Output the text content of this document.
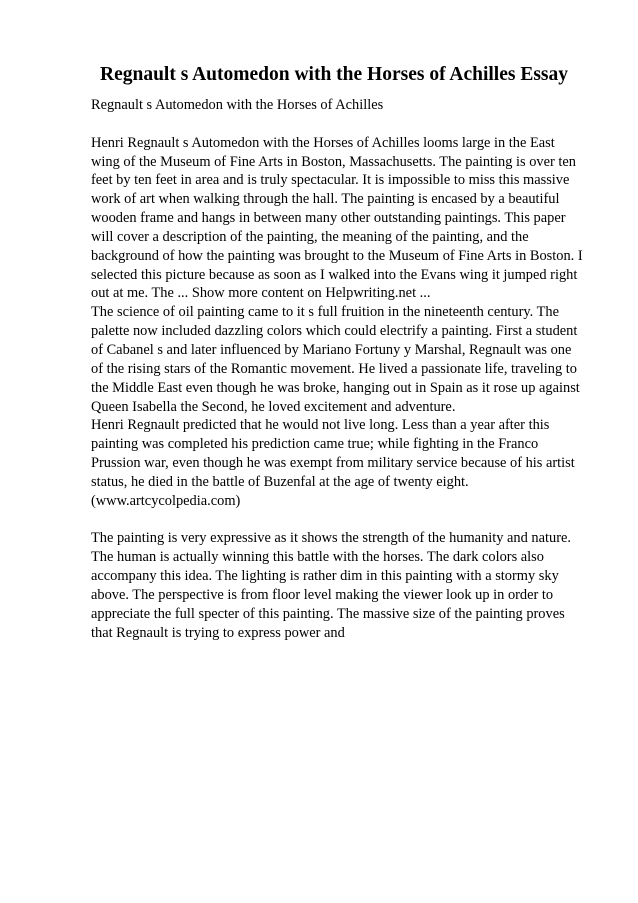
Regnault s Automedon with the Horses of Achilles Essay
Regnault s Automedon with the Horses of Achilles
Henri Regnault s Automedon with the Horses of Achilles looms large in the East
wing of the Museum of Fine Arts in Boston, Massachusetts. The painting is over ten
feet by ten feet in area and is truly spectacular. It is impossible to miss this massive
work of art when walking through the hall. The painting is encased by a beautiful
wooden frame and hangs in between many other outstanding paintings. This paper
will cover a description of the painting, the meaning of the painting, and the
background of how the painting was brought to the Museum of Fine Arts in Boston. I
selected this picture because as soon as I walked into the Evans wing it jumped right
out at me. The ... Show more content on Helpwriting.net ...
The science of oil painting came to it s full fruition in the nineteenth century. The
palette now included dazzling colors which could electrify a painting. First a student
of Cabanel s and later influenced by Mariano Fortuny y Marshal, Regnault was one
of the rising stars of the Romantic movement. He lived a passionate life, traveling to
the Middle East even though he was broke, hanging out in Spain as it rose up against
Queen Isabella the Second, he loved excitement and adventure.
Henri Regnault predicted that he would not live long. Less than a year after this
painting was completed his prediction came true; while fighting in the Franco
Prussion war, even though he was exempt from military service because of his artist
status, he died in the battle of Buzenfal at the age of twenty eight.
(www.artcycolpedia.com)
The painting is very expressive as it shows the strength of the humanity and nature.
The human is actually winning this battle with the horses. The dark colors also
accompany this idea. The lighting is rather dim in this painting with a stormy sky
above. The perspective is from floor level making the viewer look up in order to
appreciate the full specter of this painting. The massive size of the painting proves
that Regnault is trying to express power and
